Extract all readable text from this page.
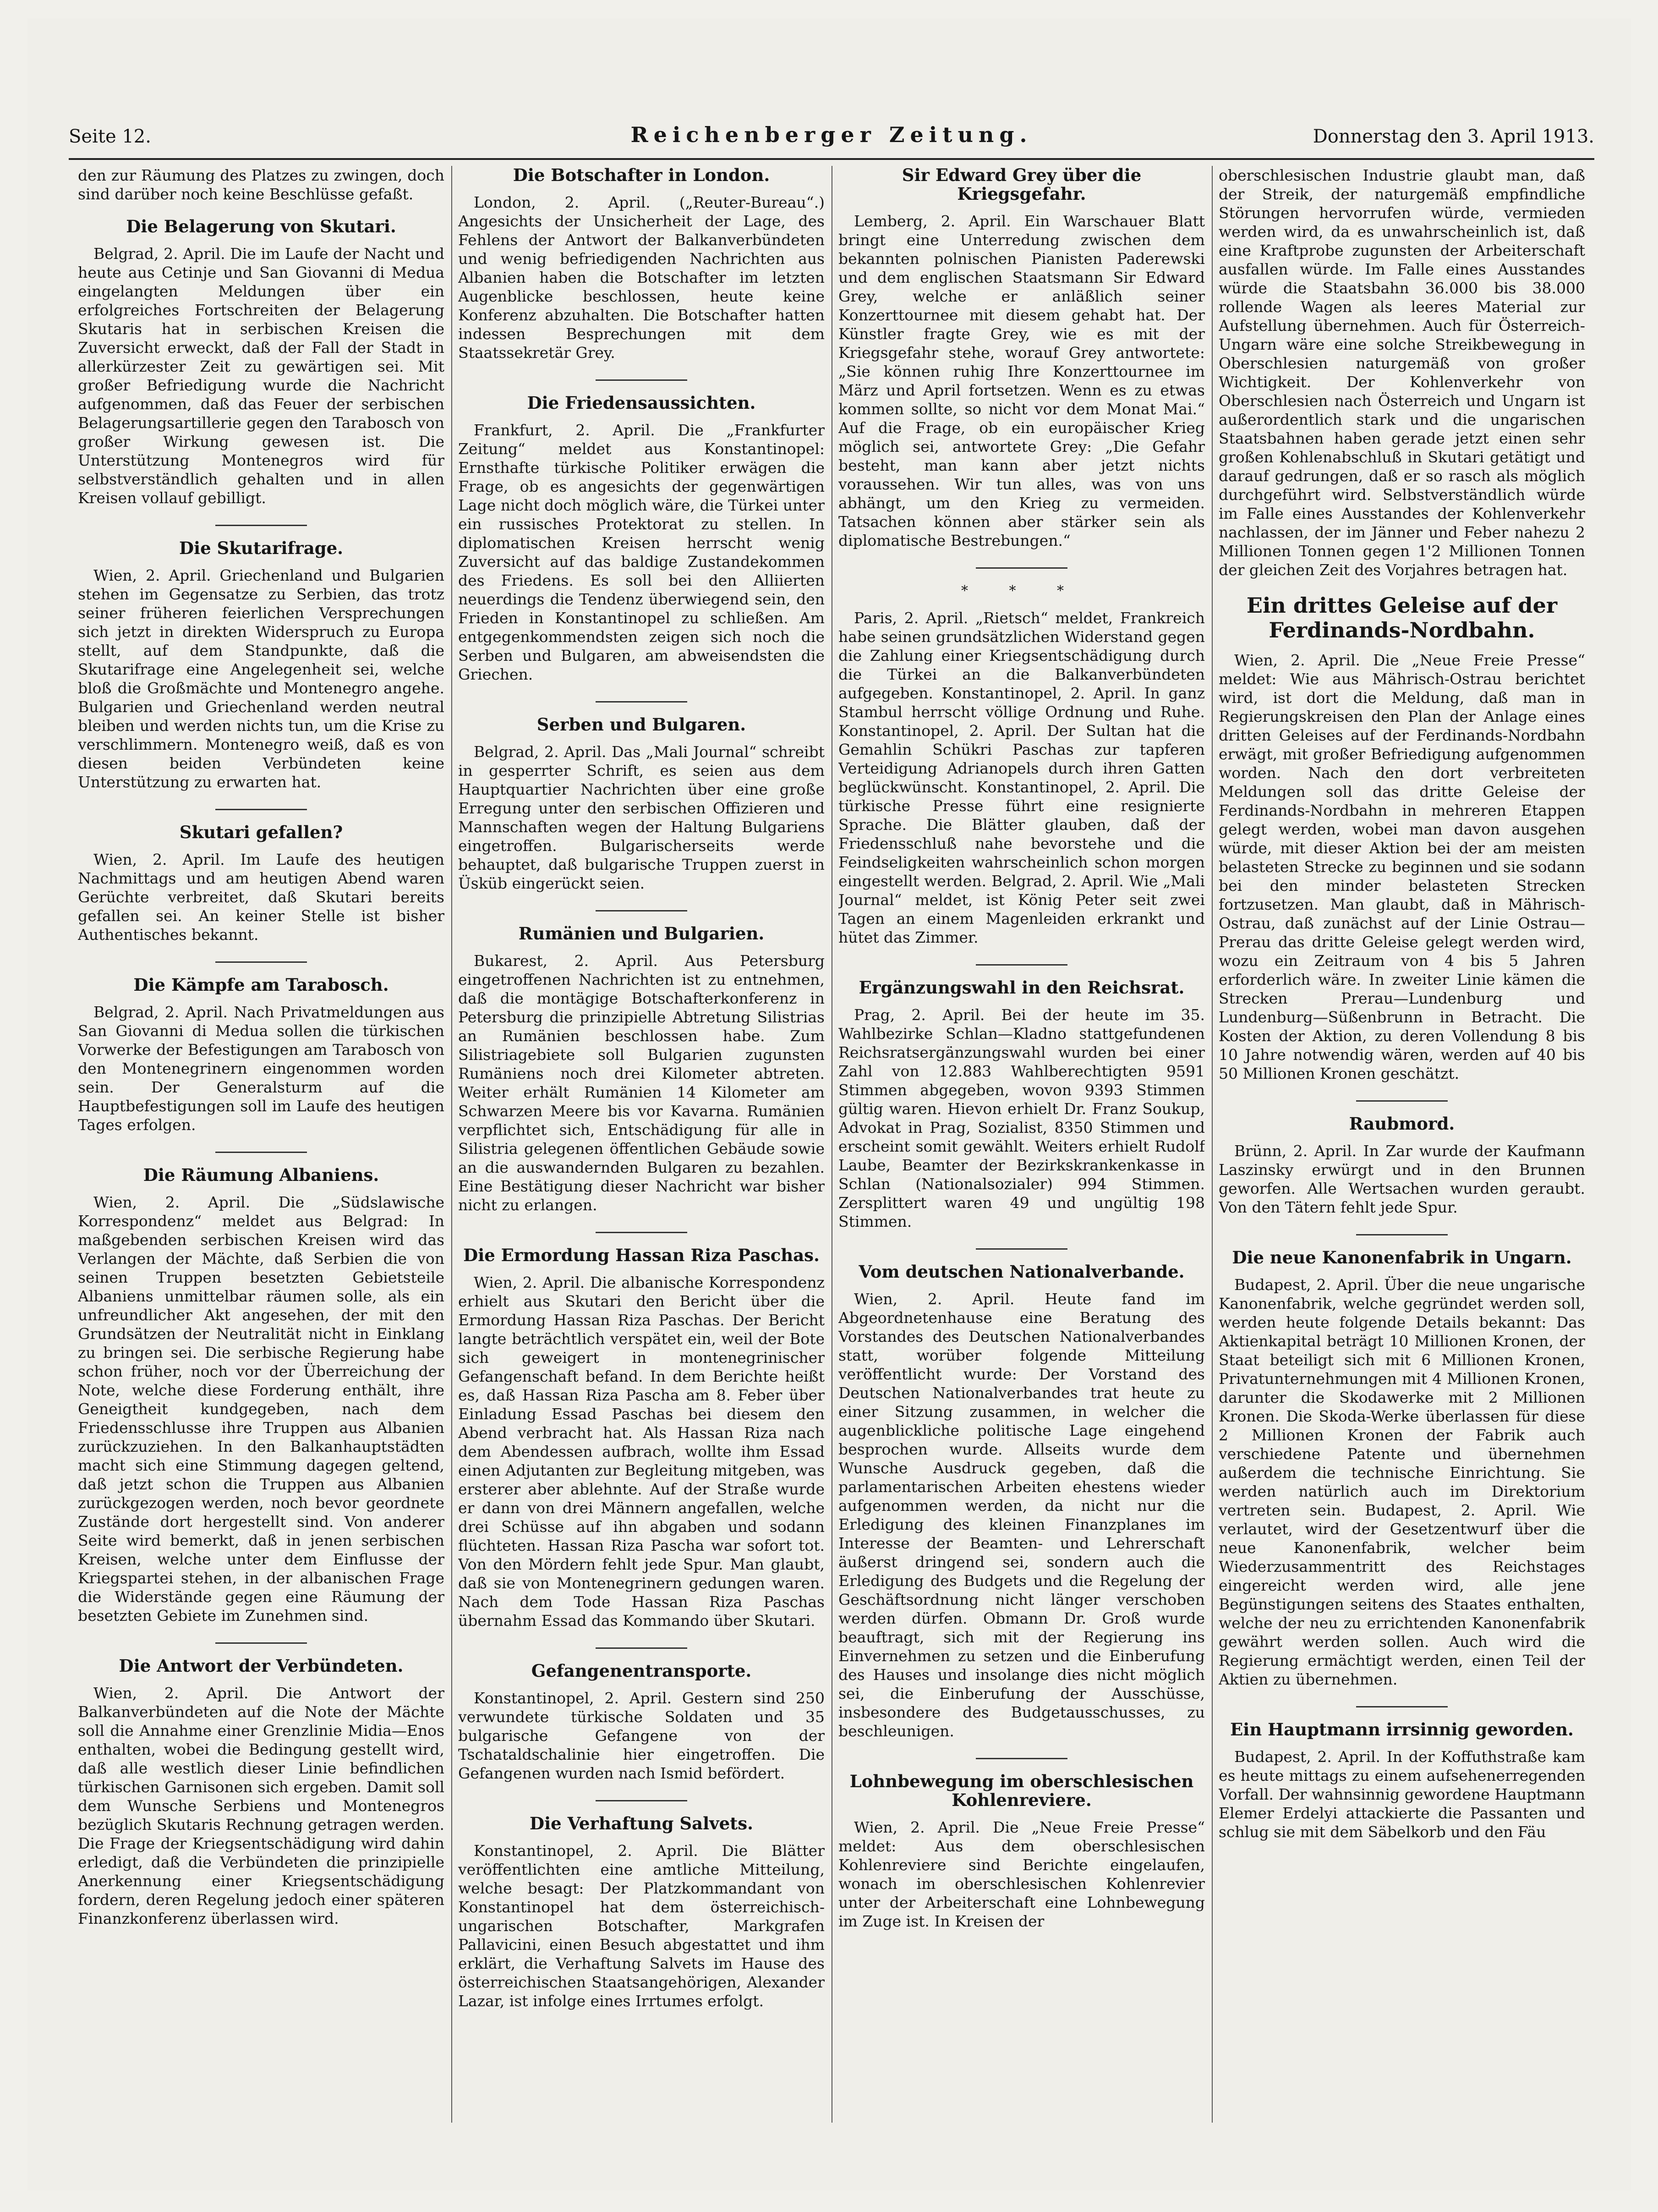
Seite 12.	Reichenberger Zeitung.	Donnerstag den 3. April 1913.

den zur Räumung des Platzes zu zwingen, doch sind darüber noch keine Beschlüsse gefaßt.

Die Belagerung von Skutari.

Belgrad, 2. April. Die im Laufe der Nacht und heute aus Cetinje und San Giovanni di Medua eingelangten Meldungen über ein erfolgreiches Fortschreiten der Belagerung Skutaris hat in serbischen Kreisen die Zuversicht erweckt, daß der Fall der Stadt in allerkürzester Zeit zu gewärtigen sei. Mit großer Befriedigung wurde die Nachricht aufgenommen, daß das Feuer der serbischen Belagerungsartillerie gegen den Tarabosch von großer Wirkung gewesen ist. Die Unterstützung Montenegros wird für selbstverständlich gehalten und in allen Kreisen vollauf gebilligt.

Die Skutarifrage.

Wien, 2. April. Griechenland und Bulgarien stehen im Gegensatze zu Serbien, das trotz seiner früheren feierlichen Versprechungen sich jetzt in direkten Widerspruch zu Europa stellt, auf dem Standpunkte, daß die Skutarifrage eine Angelegenheit sei, welche bloß die Großmächte und Montenegro angehe. Bulgarien und Griechenland werden neutral bleiben und werden nichts tun, um die Krise zu verschlimmern. Montenegro weiß, daß es von diesen beiden Verbündeten keine Unterstützung zu erwarten hat.

Skutari gefallen?

Wien, 2. April. Im Laufe des heutigen Nachmittags und am heutigen Abend waren Gerüchte verbreitet, daß Skutari bereits gefallen sei. An keiner Stelle ist bisher Authentisches bekannt.

Die Kämpfe am Tarabosch.

Belgrad, 2. April. Nach Privatmeldungen aus San Giovanni di Medua sollen die türkischen Vorwerke der Befestigungen am Tarabosch von den Montenegrinern eingenommen worden sein. Der Generalsturm auf die Hauptbefestigungen soll im Laufe des heutigen Tages erfolgen.

Die Räumung Albaniens.

Wien, 2. April. Die „Südslawische Korrespondenz“ meldet aus Belgrad: In maßgebenden serbischen Kreisen wird das Verlangen der Mächte, daß Serbien die von seinen Truppen besetzten Gebietsteile Albaniens unmittelbar räumen solle, als ein unfreundlicher Akt angesehen, der mit den Grundsätzen der Neutralität nicht in Einklang zu bringen sei. Die serbische Regierung habe schon früher, noch vor der Überreichung der Note, welche diese Forderung enthält, ihre Geneigtheit kundgegeben, nach dem Friedensschlusse ihre Truppen aus Albanien zurückzuziehen. In den Balkanhauptstädten macht sich eine Stimmung dagegen geltend, daß jetzt schon die Truppen aus Albanien zurückgezogen werden, noch bevor geordnete Zustände dort hergestellt sind. Von anderer Seite wird bemerkt, daß in jenen serbischen Kreisen, welche unter dem Einflusse der Kriegspartei stehen, in der albanischen Frage die Widerstände gegen eine Räumung der besetzten Gebiete im Zunehmen sind.

Die Antwort der Verbündeten.

Wien, 2. April. Die Antwort der Balkanverbündeten auf die Note der Mächte soll die Annahme einer Grenzlinie Midia—Enos enthalten, wobei die Bedingung gestellt wird, daß alle westlich dieser Linie befindlichen türkischen Garnisonen sich ergeben. Damit soll dem Wunsche Serbiens und Montenegros bezüglich Skutaris Rechnung getragen werden. Die Frage der Kriegsentschädigung wird dahin erledigt, daß die Verbündeten die prinzipielle Anerkennung einer Kriegsentschädigung fordern, deren Regelung jedoch einer späteren Finanzkonferenz überlassen wird.

Die Botschafter in London.

London, 2. April. („Reuter-Bureau“.) Angesichts der Unsicherheit der Lage, des Fehlens der Antwort der Balkanverbündeten und wenig befriedigenden Nachrichten aus Albanien haben die Botschafter im letzten Augenblicke beschlossen, heute keine Konferenz abzuhalten. Die Botschafter hatten indessen Besprechungen mit dem Staatssekretär Grey.

Die Friedensaussichten.

Frankfurt, 2. April. Die „Frankfurter Zeitung“ meldet aus Konstantinopel: Ernsthafte türkische Politiker erwägen die Frage, ob es angesichts der gegenwärtigen Lage nicht doch möglich wäre, die Türkei unter ein russisches Protektorat zu stellen. In diplomatischen Kreisen herrscht wenig Zuversicht auf das baldige Zustandekommen des Friedens. Es soll bei den Alliierten neuerdings die Tendenz überwiegend sein, den Frieden in Konstantinopel zu schließen. Am entgegenkommendsten zeigen sich noch die Serben und Bulgaren, am abweisendsten die Griechen.

Serben und Bulgaren.

Belgrad, 2. April. Das „Mali Journal“ schreibt in gesperrter Schrift, es seien aus dem Hauptquartier Nachrichten über eine große Erregung unter den serbischen Offizieren und Mannschaften wegen der Haltung Bulgariens eingetroffen. Bulgarischerseits werde behauptet, daß bulgarische Truppen zuerst in Üsküb eingerückt seien.

Rumänien und Bulgarien.

Bukarest, 2. April. Aus Petersburg eingetroffenen Nachrichten ist zu entnehmen, daß die montägige Botschafterkonferenz in Petersburg die prinzipielle Abtretung Silistrias an Rumänien beschlossen habe. Zum Silistriagebiete soll Bulgarien zugunsten Rumäniens noch drei Kilometer abtreten. Weiter erhält Rumänien 14 Kilometer am Schwarzen Meere bis vor Kavarna. Rumänien verpflichtet sich, Entschädigung für alle in Silistria gelegenen öffentlichen Gebäude sowie an die auswandernden Bulgaren zu bezahlen. Eine Bestätigung dieser Nachricht war bisher nicht zu erlangen.

Die Ermordung Hassan Riza Paschas.

Wien, 2. April. Die albanische Korrespondenz erhielt aus Skutari den Bericht über die Ermordung Hassan Riza Paschas. Der Bericht langte beträchtlich verspätet ein, weil der Bote sich geweigert in montenegrinischer Gefangenschaft befand. In dem Berichte heißt es, daß Hassan Riza Pascha am 8. Feber über Einladung Essad Paschas bei diesem den Abend verbracht hat. Als Hassan Riza nach dem Abendessen aufbrach, wollte ihm Essad einen Adjutanten zur Begleitung mitgeben, was ersterer aber ablehnte. Auf der Straße wurde er dann von drei Männern angefallen, welche drei Schüsse auf ihn abgaben und sodann flüchteten. Hassan Riza Pascha war sofort tot. Von den Mördern fehlt jede Spur. Man glaubt, daß sie von Montenegrinern gedungen waren. Nach dem Tode Hassan Riza Paschas übernahm Essad das Kommando über Skutari.

Gefangenentransporte.

Konstantinopel, 2. April. Gestern sind 250 verwundete türkische Soldaten und 35 bulgarische Gefangene von der Tschataldschalinie hier eingetroffen. Die Gefangenen wurden nach Ismid befördert.

Die Verhaftung Salvets.

Konstantinopel, 2. April. Die Blätter veröffentlichten eine amtliche Mitteilung, welche besagt: Der Platzkommandant von Konstantinopel hat dem österreichisch-ungarischen Botschafter, Markgrafen Pallavicini, einen Besuch abgestattet und ihm erklärt, die Verhaftung Salvets im Hause des österreichischen Staatsangehörigen, Alexander Lazar, ist infolge eines Irrtumes erfolgt.

Sir Edward Grey über die Kriegsgefahr.

Lemberg, 2. April. Ein Warschauer Blatt bringt eine Unterredung zwischen dem bekannten polnischen Pianisten Paderewski und dem englischen Staatsmann Sir Edward Grey, welche er anläßlich seiner Konzerttournee mit diesem gehabt hat. Der Künstler fragte Grey, wie es mit der Kriegsgefahr stehe, worauf Grey antwortete: „Sie können ruhig Ihre Konzerttournee im März und April fortsetzen. Wenn es zu etwas kommen sollte, so nicht vor dem Monat Mai.“ Auf die Frage, ob ein europäischer Krieg möglich sei, antwortete Grey: „Die Gefahr besteht, man kann aber jetzt nichts voraussehen. Wir tun alles, was von uns abhängt, um den Krieg zu vermeiden. Tatsachen können aber stärker sein als diplomatische Bestrebungen.“

* * *

Paris, 2. April. „Rietsch“ meldet, Frankreich habe seinen grundsätzlichen Widerstand gegen die Zahlung einer Kriegsentschädigung durch die Türkei an die Balkanverbündeten aufgegeben. Konstantinopel, 2. April. In ganz Stambul herrscht völlige Ordnung und Ruhe. Konstantinopel, 2. April. Der Sultan hat die Gemahlin Schükri Paschas zur tapferen Verteidigung Adrianopels durch ihren Gatten beglückwünscht. Konstantinopel, 2. April. Die türkische Presse führt eine resignierte Sprache. Die Blätter glauben, daß der Friedensschluß nahe bevorstehe und die Feindseligkeiten wahrscheinlich schon morgen eingestellt werden. Belgrad, 2. April. Wie „Mali Journal“ meldet, ist König Peter seit zwei Tagen an einem Magenleiden erkrankt und hütet das Zimmer.

Ergänzungswahl in den Reichsrat.

Prag, 2. April. Bei der heute im 35. Wahlbezirke Schlan—Kladno stattgefundenen Reichsratsergänzungswahl wurden bei einer Zahl von 12.883 Wahlberechtigten 9591 Stimmen abgegeben, wovon 9393 Stimmen gültig waren. Hievon erhielt Dr. Franz Soukup, Advokat in Prag, Sozialist, 8350 Stimmen und erscheint somit gewählt. Weiters erhielt Rudolf Laube, Beamter der Bezirkskrankenkasse in Schlan (Nationalsozialer) 994 Stimmen. Zersplittert waren 49 und ungültig 198 Stimmen.

Vom deutschen Nationalverbande.

Wien, 2. April. Heute fand im Abgeordnetenhause eine Beratung des Vorstandes des Deutschen Nationalverbandes statt, worüber folgende Mitteilung veröffentlicht wurde: Der Vorstand des Deutschen Nationalverbandes trat heute zu einer Sitzung zusammen, in welcher die augenblickliche politische Lage eingehend besprochen wurde. Allseits wurde dem Wunsche Ausdruck gegeben, daß die parlamentarischen Arbeiten ehestens wieder aufgenommen werden, da nicht nur die Erledigung des kleinen Finanzplanes im Interesse der Beamten- und Lehrerschaft äußerst dringend sei, sondern auch die Erledigung des Budgets und die Regelung der Geschäftsordnung nicht länger verschoben werden dürfen. Obmann Dr. Groß wurde beauftragt, sich mit der Regierung ins Einvernehmen zu setzen und die Einberufung des Hauses und insolange dies nicht möglich sei, die Einberufung der Ausschüsse, insbesondere des Budgetausschusses, zu beschleunigen.

Lohnbewegung im oberschlesischen Kohlenreviere.

Wien, 2. April. Die „Neue Freie Presse“ meldet: Aus dem oberschlesischen Kohlenreviere sind Berichte eingelaufen, wonach im oberschlesischen Kohlenrevier unter der Arbeiterschaft eine Lohnbewegung im Zuge ist. In Kreisen der

oberschlesischen Industrie glaubt man, daß der Streik, der naturgemäß empfindliche Störungen hervorrufen würde, vermieden werden wird, da es unwahrscheinlich ist, daß eine Kraftprobe zugunsten der Arbeiterschaft ausfallen würde. Im Falle eines Ausstandes würde die Staatsbahn 36.000 bis 38.000 rollende Wagen als leeres Material zur Aufstellung übernehmen. Auch für Österreich-Ungarn wäre eine solche Streikbewegung in Oberschlesien naturgemäß von großer Wichtigkeit. Der Kohlenverkehr von Oberschlesien nach Österreich und Ungarn ist außerordentlich stark und die ungarischen Staatsbahnen haben gerade jetzt einen sehr großen Kohlenabschluß in Skutari getätigt und darauf gedrungen, daß er so rasch als möglich durchgeführt wird. Selbstverständlich würde im Falle eines Ausstandes der Kohlenverkehr nachlassen, der im Jänner und Feber nahezu 2 Millionen Tonnen gegen 1'2 Millionen Tonnen der gleichen Zeit des Vorjahres betragen hat.

Ein drittes Geleise auf der Ferdinands-Nordbahn.

Wien, 2. April. Die „Neue Freie Presse“ meldet: Wie aus Mährisch-Ostrau berichtet wird, ist dort die Meldung, daß man in Regierungskreisen den Plan der Anlage eines dritten Geleises auf der Ferdinands-Nordbahn erwägt, mit großer Befriedigung aufgenommen worden. Nach den dort verbreiteten Meldungen soll das dritte Geleise der Ferdinands-Nordbahn in mehreren Etappen gelegt werden, wobei man davon ausgehen würde, mit dieser Aktion bei der am meisten belasteten Strecke zu beginnen und sie sodann bei den minder belasteten Strecken fortzusetzen. Man glaubt, daß in Mährisch-Ostrau, daß zunächst auf der Linie Ostrau—Prerau das dritte Geleise gelegt werden wird, wozu ein Zeitraum von 4 bis 5 Jahren erforderlich wäre. In zweiter Linie kämen die Strecken Prerau—Lundenburg und Lundenburg—Süßenbrunn in Betracht. Die Kosten der Aktion, zu deren Vollendung 8 bis 10 Jahre notwendig wären, werden auf 40 bis 50 Millionen Kronen geschätzt.

Raubmord.

Brünn, 2. April. In Zar wurde der Kaufmann Laszinsky erwürgt und in den Brunnen geworfen. Alle Wertsachen wurden geraubt. Von den Tätern fehlt jede Spur.

Die neue Kanonenfabrik in Ungarn.

Budapest, 2. April. Über die neue ungarische Kanonenfabrik, welche gegründet werden soll, werden heute folgende Details bekannt: Das Aktienkapital beträgt 10 Millionen Kronen, der Staat beteiligt sich mit 6 Millionen Kronen, Privatunternehmungen mit 4 Millionen Kronen, darunter die Skodawerke mit 2 Millionen Kronen. Die Skoda-Werke überlassen für diese 2 Millionen Kronen der Fabrik auch verschiedene Patente und übernehmen außerdem die technische Einrichtung. Sie werden natürlich auch im Direktorium vertreten sein. Budapest, 2. April. Wie verlautet, wird der Gesetzentwurf über die neue Kanonenfabrik, welcher beim Wiederzusammentritt des Reichstages eingereicht werden wird, alle jene Begünstigungen seitens des Staates enthalten, welche der neu zu errichtenden Kanonenfabrik gewährt werden sollen. Auch wird die Regierung ermächtigt werden, einen Teil der Aktien zu übernehmen.

Ein Hauptmann irrsinnig geworden.

Budapest, 2. April. In der Koffuthstraße kam es heute mittags zu einem aufsehenerregenden Vorfall. Der wahnsinnig gewordene Hauptmann Elemer Erdelyi attackierte die Passanten und schlug sie mit dem Säbelkorb und den Fäu
